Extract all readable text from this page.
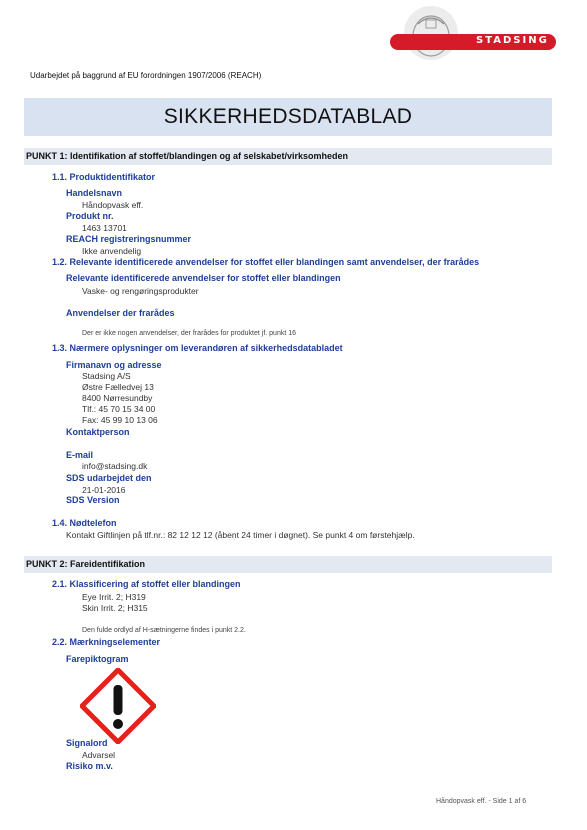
STADSING
Udarbejdet på baggrund af EU forordningen 1907/2006 (REACH)
SIKKERHEDSDATABLAD
PUNKT 1: Identifikation af stoffet/blandingen og af selskabet/virksomheden
1.1. Produktidentifikator
Handelsnavn
Håndopvask eff.
Produkt nr.
1463 13701
REACH registreringsnummer
Ikke anvendelig
1.2. Relevante identificerede anvendelser for stoffet eller blandingen samt anvendelser, der frarådes
Relevante identificerede anvendelser for stoffet eller blandingen
Vaske- og rengøringsprodukter
Anvendelser der frarådes
Der er ikke nogen anvendelser, der frarådes for produktet jf. punkt 16
1.3. Nærmere oplysninger om leverandøren af sikkerhedsdatabladet
Firmanavn og adresse
Stadsing A/S
Østre Fælledvej 13
8400 Nørresundby
Tlf.: 45 70 15 34 00
Fax: 45 99 10 13 06
Kontaktperson
E-mail
info@stadsing.dk
SDS udarbejdet den
21-01-2016
SDS Version
1.4. Nødtelefon
Kontakt Giftlinjen på tlf.nr.: 82 12 12 12 (åbent 24 timer i døgnet). Se punkt 4 om førstehjælp.
PUNKT 2: Fareidentifikation
2.1. Klassificering af stoffet eller blandingen
Eye Irrit. 2; H319
Skin Irrit. 2; H315
Den fulde ordlyd af H-sætningerne findes i punkt 2.2.
2.2. Mærkningselementer
Farepiktogram
Signalord
Advarsel
Risiko m.v.
Håndopvask eff. - Side 1 af 6
